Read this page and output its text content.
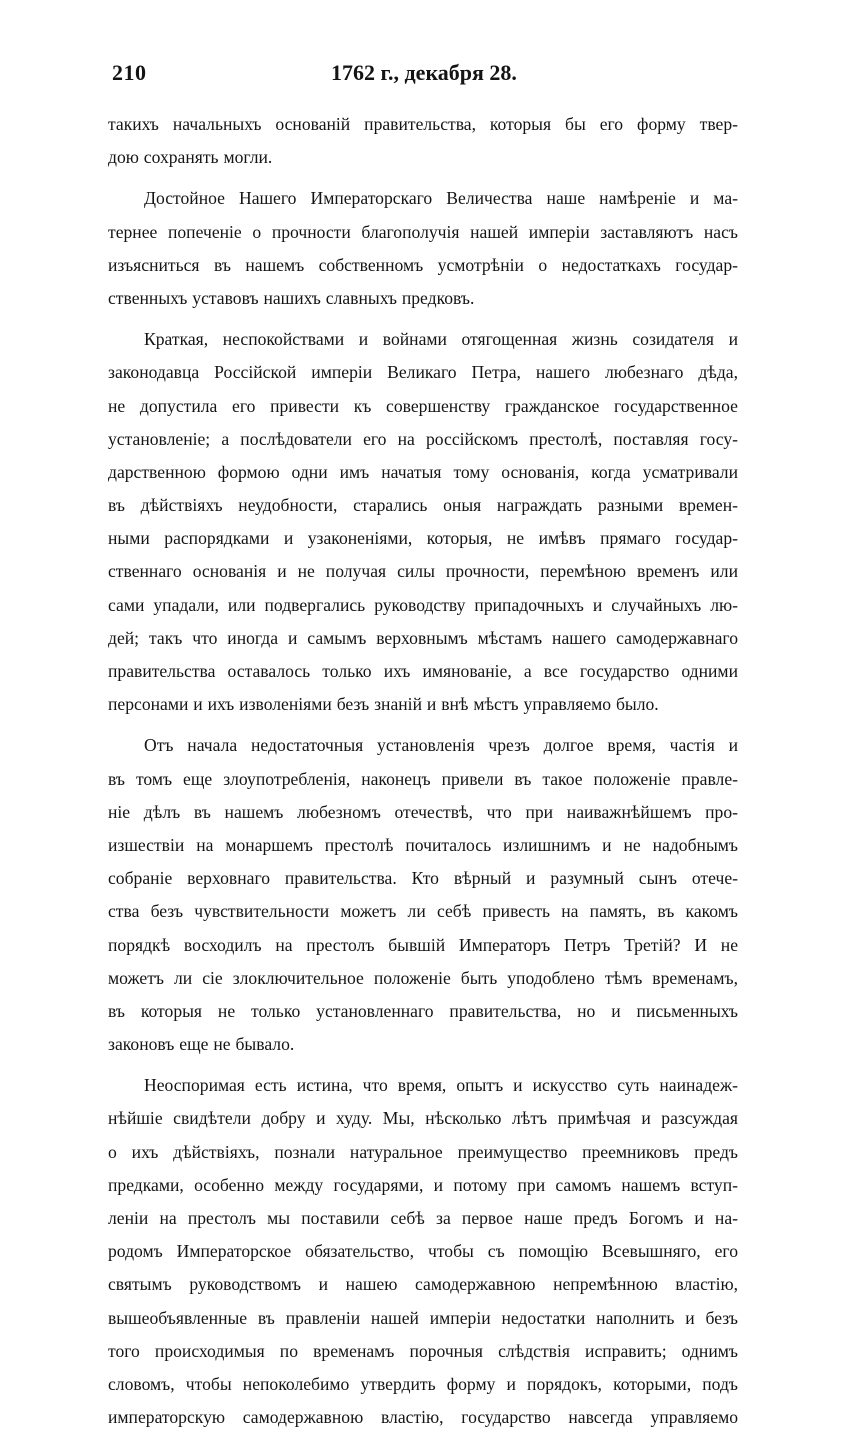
210	1762 г., декабря 28.
такихъ начальныхъ основаній правительства, которыя бы его форму твер-
дою сохранять могли.
Достойное Нашего Императорскаго Величества наше намѣреніе и ма-
тернее попеченіе о прочности благополучія нашей имперіи заставляютъ насъ
изъясниться въ нашемъ собственномъ усмотрѣніи о недостаткахъ государ-
ственныхъ уставовъ нашихъ славныхъ предковъ.
Краткая, неспокойствами и войнами отягощенная жизнь созидателя и
законодавца Россійской имперіи Великаго Петра, нашего любезнаго дѣда,
не допустила его привести къ совершенству гражданское государственное
установленіе; а послѣдователи его на россійскомъ престолѣ, поставляя госу-
дарственною формою одни имъ начатыя тому основанія, когда усматривали
въ дѣйствіяхъ неудобности, старались оныя награждать разными времен-
ными распорядками и узаконеніями, которыя, не имѣвъ прямаго государ-
ственнаго основанія и не получая силы прочности, перемѣною временъ или
сами упадали, или подвергались руководству припадочныхъ и случайныхъ лю-
дей; такъ что иногда и самымъ верховнымъ мѣстамъ нашего самодержавнаго
правительства оставалось только ихъ имянованіе, а все государство одними
персонами и ихъ изволеніями безъ знаній и внѣ мѣстъ управляемо было.
Отъ начала недостаточныя установленія чрезъ долгое время, частія и
въ томъ еще злоупотребленія, наконецъ привели въ такое положеніе правле-
ніе дѣлъ въ нашемъ любезномъ отечествѣ, что при наиважнѣйшемъ про-
изшествіи на монаршемъ престолѣ почиталось излишнимъ и не надобнымъ
собраніе верховнаго правительства. Кто вѣрный и разумный сынъ отече-
ства безъ чувствительности можетъ ли себѣ привесть на память, въ какомъ
порядкѣ восходилъ на престолъ бывшій Императоръ Петръ Третій? И не
можетъ ли сіе злоключительное положеніе быть уподоблено тѣмъ временамъ,
въ которыя не только установленнаго правительства, но и письменныхъ
законовъ еще не бывало.
Неоспоримая есть истина, что время, опытъ и искусство суть наинадеж-
нѣйшіе свидѣтели добру и худу. Мы, нѣсколько лѣтъ примѣчая и разсуждая
о ихъ дѣйствіяхъ, познали натуральное преимущество преемниковъ предъ
предками, особенно между государями, и потому при самомъ нашемъ вступ-
леніи на престолъ мы поставили себѣ за первое наше предъ Богомъ и на-
родомъ Императорское обязательство, чтобы съ помощію Всевышняго, его
святымъ руководствомъ и нашею самодержавною непремѣнною властію,
вышеобъявленные въ правленіи нашей имперіи недостатки наполнить и безъ
того происходимыя по временамъ порочныя слѣдствія исправить; однимъ
словомъ, чтобы непоколебимо утвердить форму и порядокъ, которыми, подъ
императорскую самодержавною властію, государство навсегда управляемо
